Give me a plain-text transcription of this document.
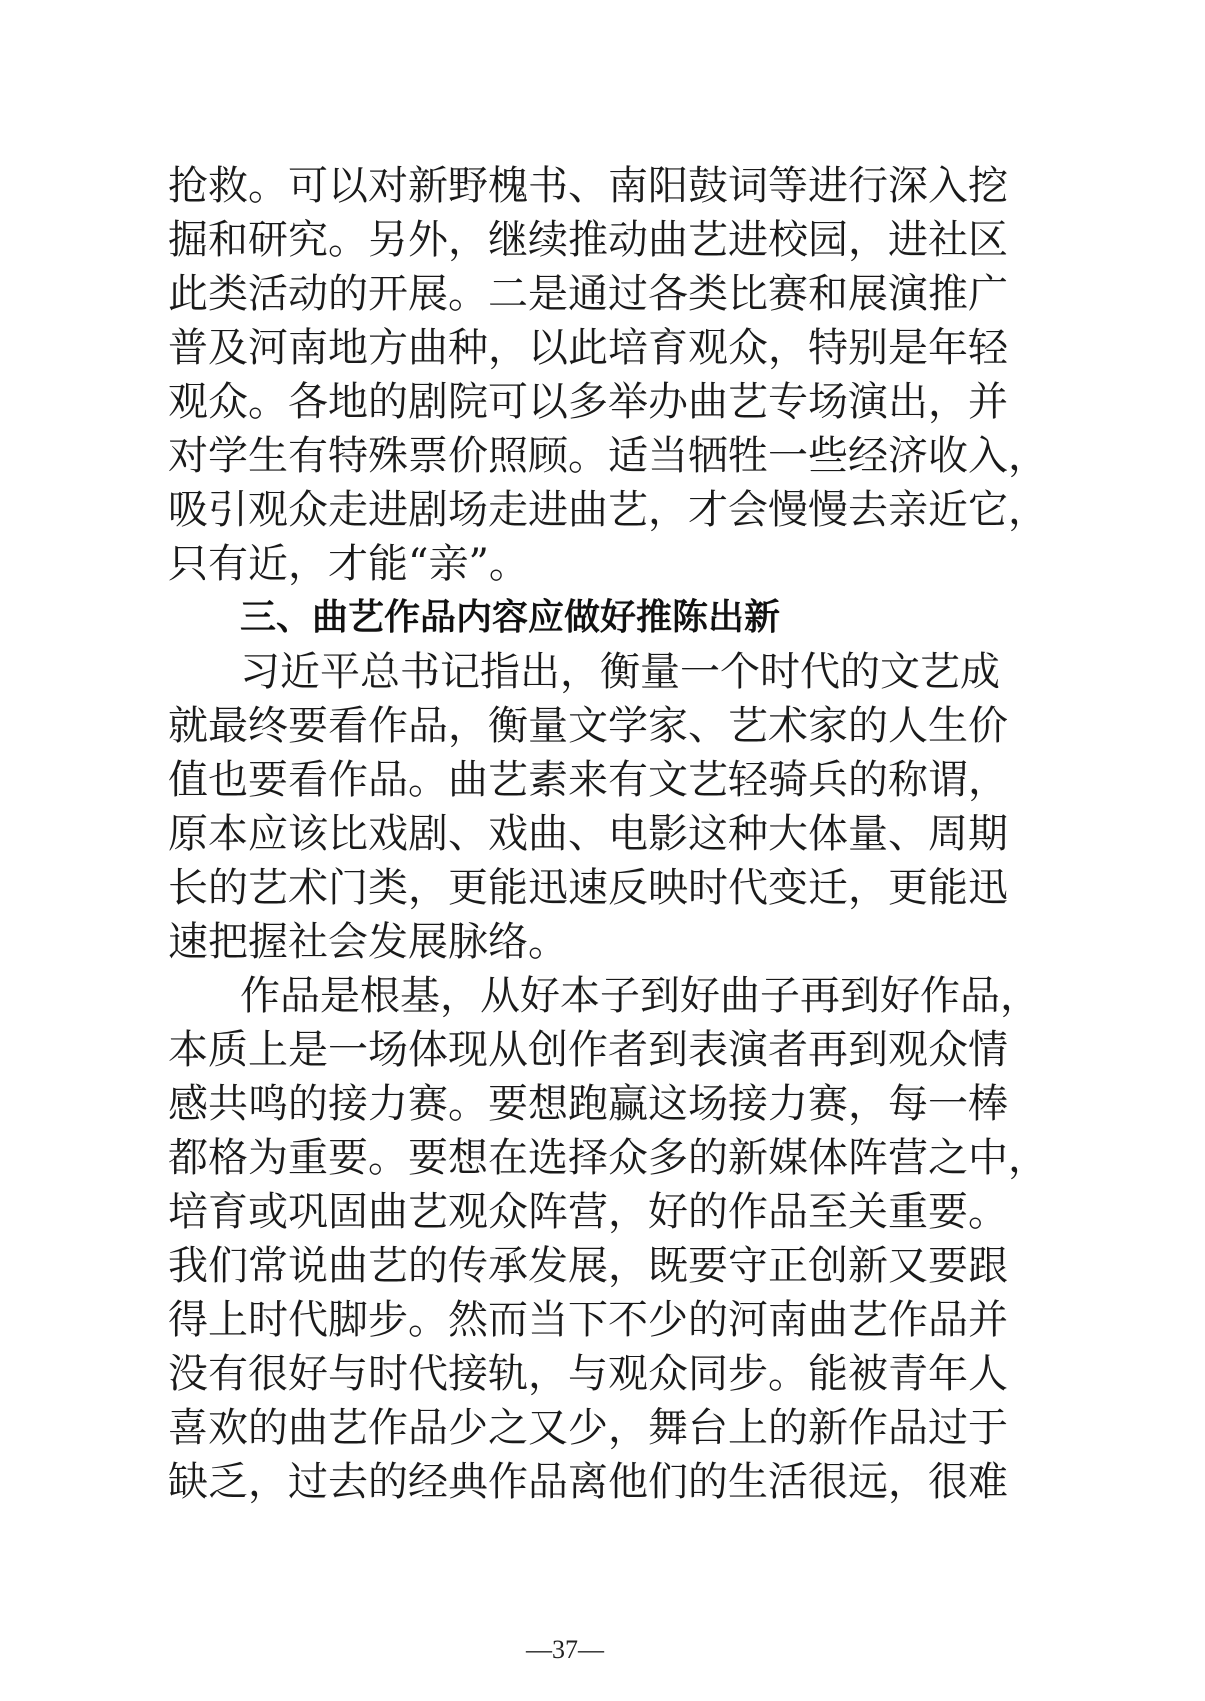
抢救。可以对新野槐书、南阳鼓词等进行深入挖
掘和研究。另外，继续推动曲艺进校园，进社区
此类活动的开展。二是通过各类比赛和展演推广
普及河南地方曲种，以此培育观众，特别是年轻
观众。各地的剧院可以多举办曲艺专场演出，并
对学生有特殊票价照顾。适当牺牲一些经济收入，
吸引观众走进剧场走进曲艺，才会慢慢去亲近它，
只有近，才能“亲”。
三、曲艺作品内容应做好推陈出新
习近平总书记指出，衡量一个时代的文艺成
就最终要看作品，衡量文学家、艺术家的人生价
值也要看作品。曲艺素来有文艺轻骑兵的称谓，
原本应该比戏剧、戏曲、电影这种大体量、周期
长的艺术门类，更能迅速反映时代变迁，更能迅
速把握社会发展脉络。
作品是根基，从好本子到好曲子再到好作品，
本质上是一场体现从创作者到表演者再到观众情
感共鸣的接力赛。要想跑赢这场接力赛，每一棒
都格为重要。要想在选择众多的新媒体阵营之中，
培育或巩固曲艺观众阵营，好的作品至关重要。
我们常说曲艺的传承发展，既要守正创新又要跟
得上时代脚步。然而当下不少的河南曲艺作品并
没有很好与时代接轨，与观众同步。能被青年人
喜欢的曲艺作品少之又少，舞台上的新作品过于
缺乏，过去的经典作品离他们的生活很远，很难
—37—
